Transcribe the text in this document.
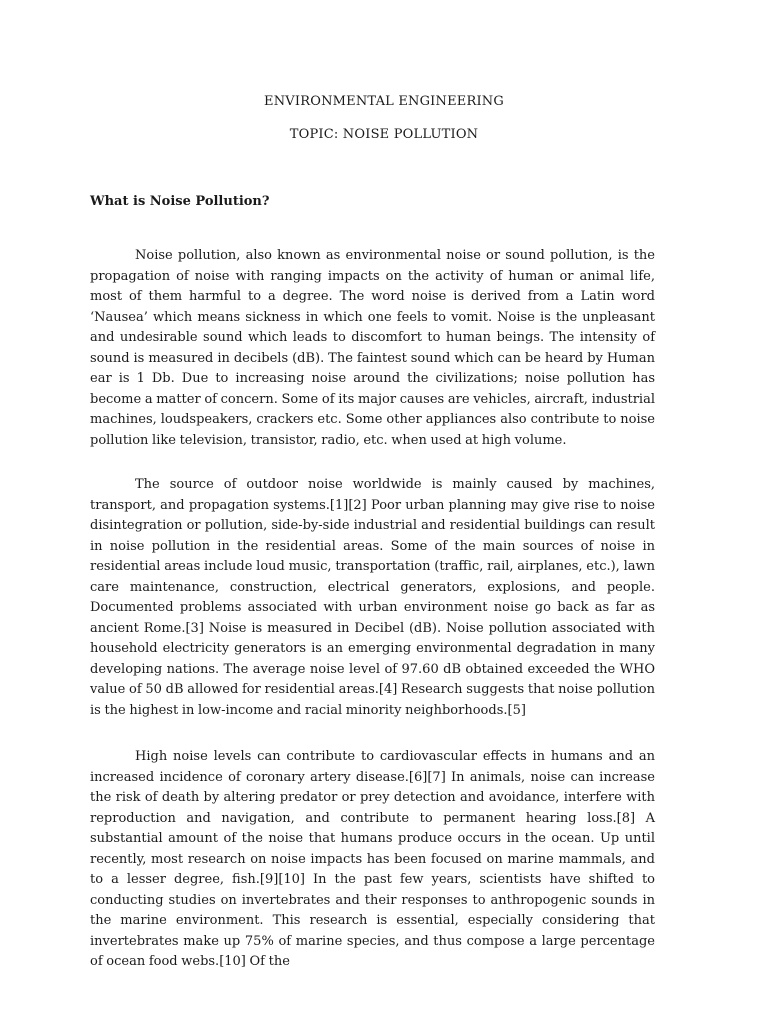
ENVIRONMENTAL ENGINEERING

TOPIC: NOISE POLLUTION

What is Noise Pollution?

Noise pollution, also known as environmental noise or sound pollution, is the propagation of noise with ranging impacts on the activity of human or animal life, most of them harmful to a degree. The word noise is derived from a Latin word ‘Nausea’ which means sickness in which one feels to vomit. Noise is the unpleasant and undesirable sound which leads to discomfort to human beings. The intensity of sound is measured in decibels (dB). The faintest sound which can be heard by Human ear is 1 Db. Due to increasing noise around the civilizations; noise pollution has become a matter of concern. Some of its major causes are vehicles, aircraft, industrial machines, loudspeakers, crackers etc. Some other appliances also contribute to noise pollution like television, transistor, radio, etc. when used at high volume.

The source of outdoor noise worldwide is mainly caused by machines, transport, and propagation systems.[1][2] Poor urban planning may give rise to noise disintegration or pollution, side-by-side industrial and residential buildings can result in noise pollution in the residential areas. Some of the main sources of noise in residential areas include loud music, transportation (traffic, rail, airplanes, etc.), lawn care maintenance, construction, electrical generators, explosions, and people. Documented problems associated with urban environment noise go back as far as ancient Rome.[3] Noise is measured in Decibel (dB). Noise pollution associated with household electricity generators is an emerging environmental degradation in many developing nations. The average noise level of 97.60 dB obtained exceeded the WHO value of 50 dB allowed for residential areas.[4] Research suggests that noise pollution is the highest in low-income and racial minority neighborhoods.[5]

High noise levels can contribute to cardiovascular effects in humans and an increased incidence of coronary artery disease.[6][7] In animals, noise can increase the risk of death by altering predator or prey detection and avoidance, interfere with reproduction and navigation, and contribute to permanent hearing loss.[8] A substantial amount of the noise that humans produce occurs in the ocean. Up until recently, most research on noise impacts has been focused on marine mammals, and to a lesser degree, fish.[9][10] In the past few years, scientists have shifted to conducting studies on invertebrates and their responses to anthropogenic sounds in the marine environment. This research is essential, especially considering that invertebrates make up 75% of marine species, and thus compose a large percentage of ocean food webs.[10] Of the
